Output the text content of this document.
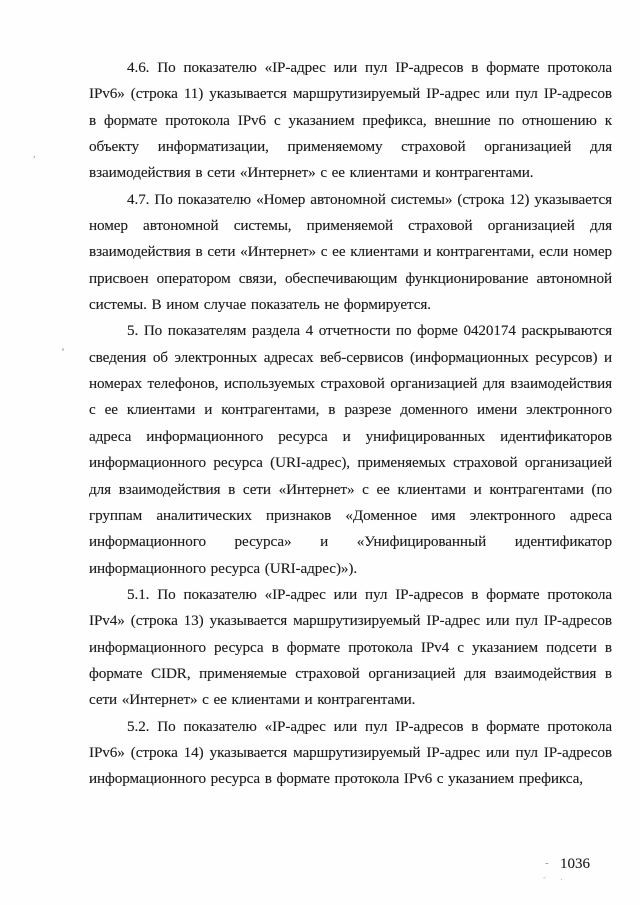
4.6. По показателю «IP-адрес или пул IP-адресов в формате протокола IPv6» (строка 11) указывается маршрутизируемый IP-адрес или пул IP-адресов в формате протокола IPv6 с указанием префикса, внешние по отношению к объекту информатизации, применяемому страховой организацией для взаимодействия в сети «Интернет» с ее клиентами и контрагентами.

4.7. По показателю «Номер автономной системы» (строка 12) указывается номер автономной системы, применяемой страховой организацией для взаимодействия в сети «Интернет» с ее клиентами и контрагентами, если номер присвоен оператором связи, обеспечивающим функционирование автономной системы. В ином случае показатель не формируется.

5. По показателям раздела 4 отчетности по форме 0420174 раскрываются сведения об электронных адресах веб-сервисов (информационных ресурсов) и номерах телефонов, используемых страховой организацией для взаимодействия с ее клиентами и контрагентами, в разрезе доменного имени электронного адреса информационного ресурса и унифицированных идентификаторов информационного ресурса (URI-адрес), применяемых страховой организацией для взаимодействия в сети «Интернет» с ее клиентами и контрагентами (по группам аналитических признаков «Доменное имя электронного адреса информационного ресурса» и «Унифицированный идентификатор информационного ресурса (URI-адрес)»).

5.1. По показателю «IP-адрес или пул IP-адресов в формате протокола IPv4» (строка 13) указывается маршрутизируемый IP-адрес или пул IP-адресов информационного ресурса в формате протокола IPv4 с указанием подсети в формате CIDR, применяемые страховой организацией для взаимодействия в сети «Интернет» с ее клиентами и контрагентами.

5.2. По показателю «IP-адрес или пул IP-адресов в формате протокола IPv6» (строка 14) указывается маршрутизируемый IP-адрес или пул IP-адресов информационного ресурса в формате протокола IPv6 с указанием префикса,

1036
,
-
- .
